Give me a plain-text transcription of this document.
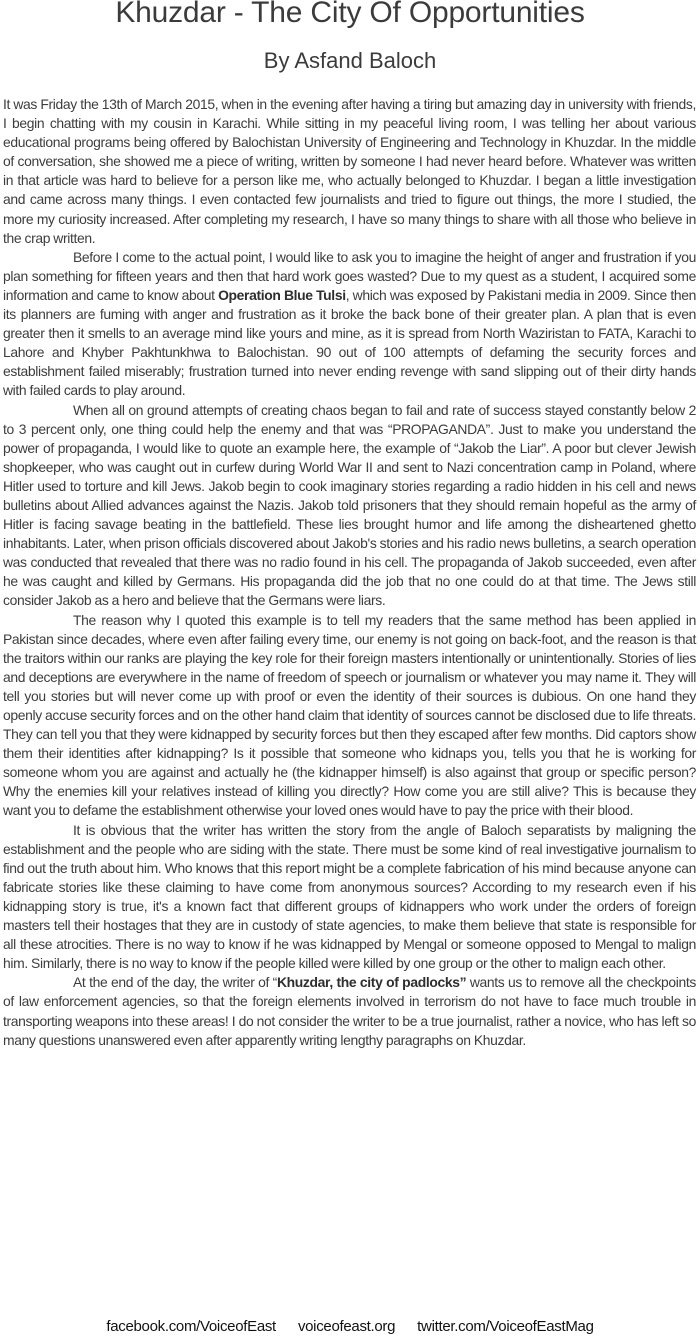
Khuzdar - The City Of Opportunities
By Asfand Baloch

It was Friday the 13th of March 2015, when in the evening after having a tiring but amazing day in university with friends, I begin chatting with my cousin in Karachi. While sitting in my peaceful living room, I was telling her about various educational programs being offered by Balochistan University of Engineering and Technology in Khuzdar. In the middle of conversation, she showed me a piece of writing, written by someone I had never heard before. Whatever was written in that article was hard to believe for a person like me, who actually belonged to Khuzdar. I began a little investigation and came across many things. I even contacted few journalists and tried to figure out things, the more I studied, the more my curiosity increased. After completing my research, I have so many things to share with all those who believe in the crap written.

Before I come to the actual point, I would like to ask you to imagine the height of anger and frustration if you plan something for fifteen years and then that hard work goes wasted? Due to my quest as a student, I acquired some information and came to know about Operation Blue Tulsi, which was exposed by Pakistani media in 2009. Since then its planners are fuming with anger and frustration as it broke the back bone of their greater plan. A plan that is even greater then it smells to an average mind like yours and mine, as it is spread from North Waziristan to FATA, Karachi to Lahore and Khyber Pakhtunkhwa to Balochistan. 90 out of 100 attempts of defaming the security forces and establishment failed miserably; frustration turned into never ending revenge with sand slipping out of their dirty hands with failed cards to play around.

When all on ground attempts of creating chaos began to fail and rate of success stayed constantly below 2 to 3 percent only, one thing could help the enemy and that was “PROPAGANDA”. Just to make you understand the power of propaganda, I would like to quote an example here, the example of “Jakob the Liar”. A poor but clever Jewish shopkeeper, who was caught out in curfew during World War II and sent to Nazi concentration camp in Poland, where Hitler used to torture and kill Jews. Jakob begin to cook imaginary stories regarding a radio hidden in his cell and news bulletins about Allied advances against the Nazis. Jakob told prisoners that they should remain hopeful as the army of Hitler is facing savage beating in the battlefield. These lies brought humor and life among the disheartened ghetto inhabitants. Later, when prison officials discovered about Jakob's stories and his radio news bulletins, a search operation was conducted that revealed that there was no radio found in his cell. The propaganda of Jakob succeeded, even after he was caught and killed by Germans. His propaganda did the job that no one could do at that time. The Jews still consider Jakob as a hero and believe that the Germans were liars.

The reason why I quoted this example is to tell my readers that the same method has been applied in Pakistan since decades, where even after failing every time, our enemy is not going on back-foot, and the reason is that the traitors within our ranks are playing the key role for their foreign masters intentionally or unintentionally. Stories of lies and deceptions are everywhere in the name of freedom of speech or journalism or whatever you may name it. They will tell you stories but will never come up with proof or even the identity of their sources is dubious. On one hand they openly accuse security forces and on the other hand claim that identity of sources cannot be disclosed due to life threats. They can tell you that they were kidnapped by security forces but then they escaped after few months. Did captors show them their identities after kidnapping? Is it possible that someone who kidnaps you, tells you that he is working for someone whom you are against and actually he (the kidnapper himself) is also against that group or specific person? Why the enemies kill your relatives instead of killing you directly? How come you are still alive? This is because they want you to defame the establishment otherwise your loved ones would have to pay the price with their blood.

It is obvious that the writer has written the story from the angle of Baloch separatists by maligning the establishment and the people who are siding with the state. There must be some kind of real investigative journalism to find out the truth about him. Who knows that this report might be a complete fabrication of his mind because anyone can fabricate stories like these claiming to have come from anonymous sources? According to my research even if his kidnapping story is true, it's a known fact that different groups of kidnappers who work under the orders of foreign masters tell their hostages that they are in custody of state agencies, to make them believe that state is responsible for all these atrocities. There is no way to know if he was kidnapped by Mengal or someone opposed to Mengal to malign him. Similarly, there is no way to know if the people killed were killed by one group or the other to malign each other.

At the end of the day, the writer of “Khuzdar, the city of padlocks” wants us to remove all the checkpoints of law enforcement agencies, so that the foreign elements involved in terrorism do not have to face much trouble in transporting weapons into these areas! I do not consider the writer to be a true journalist, rather a novice, who has left so many questions unanswered even after apparently writing lengthy paragraphs on Khuzdar.

facebook.com/VoiceofEast voiceofeast.org twitter.com/VoiceofEastMag
